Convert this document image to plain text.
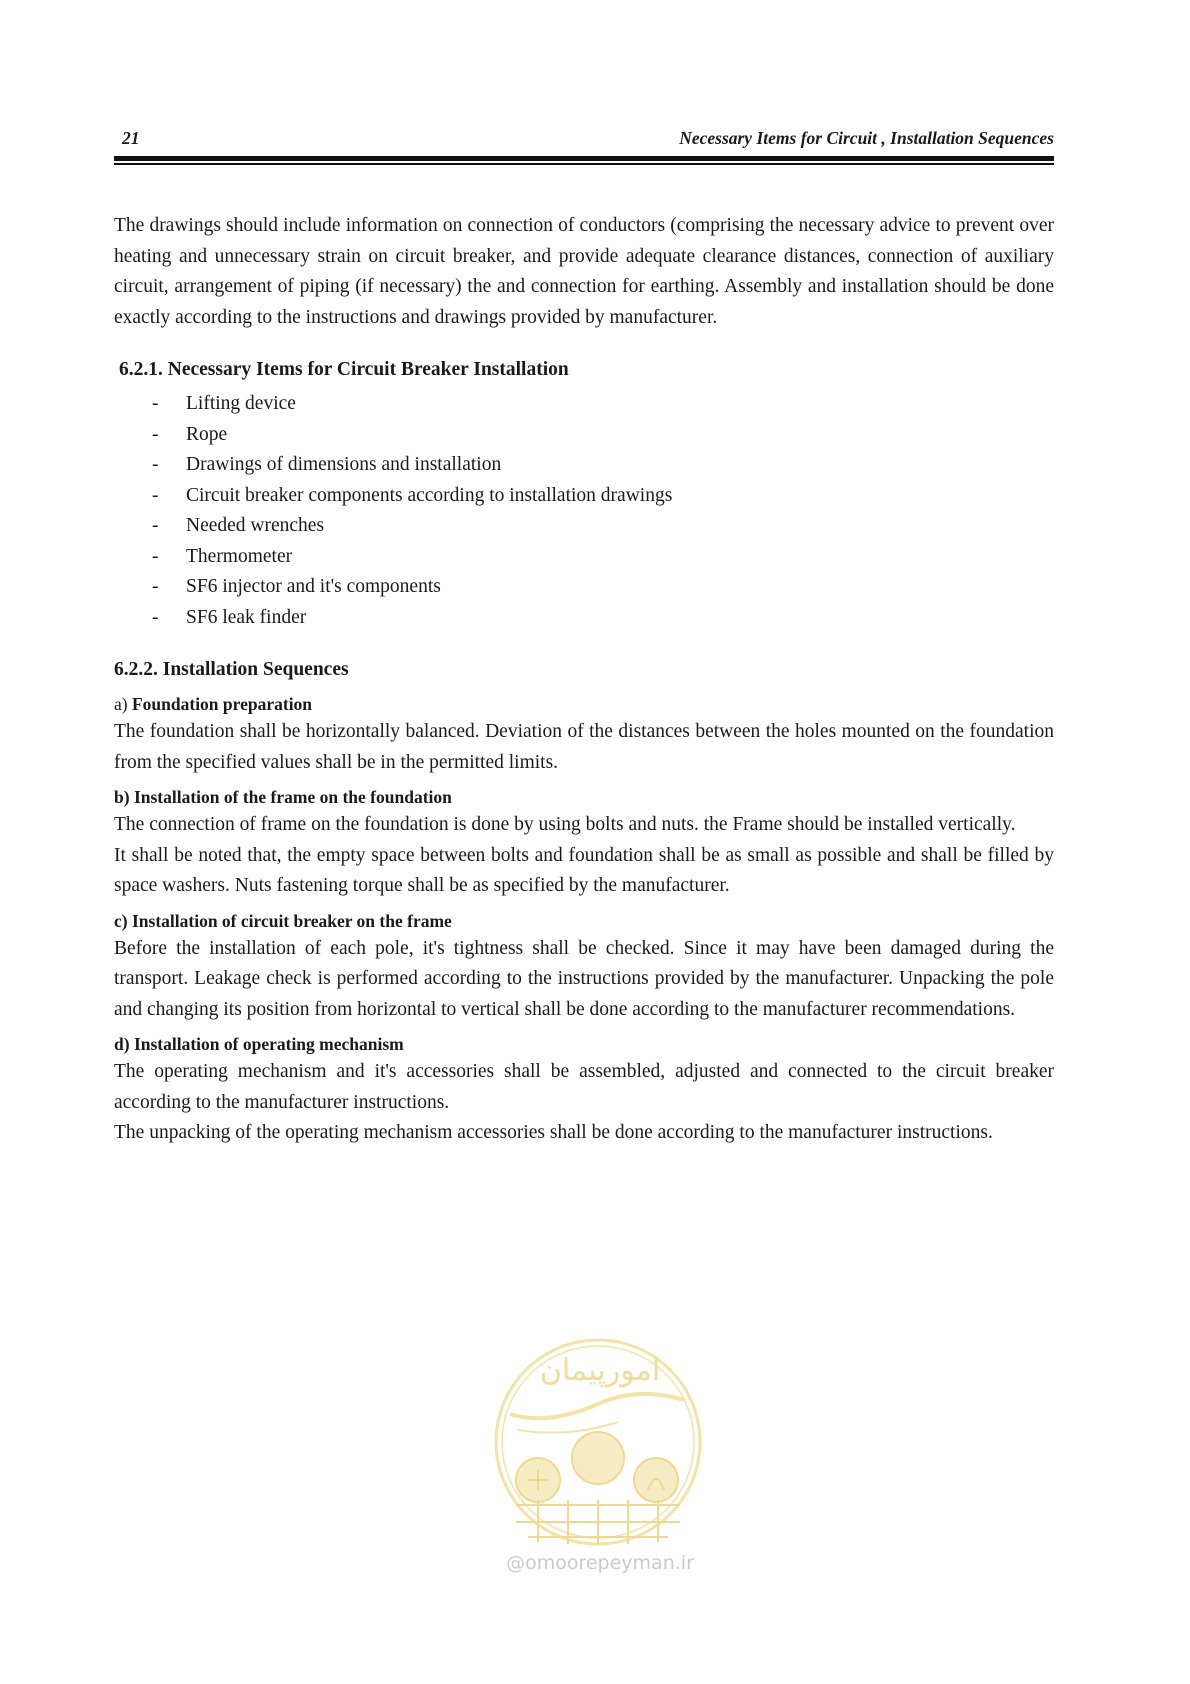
21	Necessary Items for Circuit , Installation Sequences

The drawings should include information on connection of conductors (comprising the necessary advice to prevent over heating and unnecessary strain on circuit breaker, and provide adequate clearance distances, connection of auxiliary circuit, arrangement of piping (if necessary) the and connection for earthing. Assembly and installation should be done exactly according to the instructions and drawings provided by manufacturer.

6.2.1. Necessary Items for Circuit Breaker Installation

- Lifting device
- Rope
- Drawings of dimensions and installation
- Circuit breaker components according to installation drawings
- Needed wrenches
- Thermometer
- SF6 injector and it's components
- SF6 leak finder

6.2.2. Installation Sequences

a) Foundation preparation

The foundation shall be horizontally balanced. Deviation of the distances between the holes mounted on the foundation from the specified values shall be in the permitted limits.

b) Installation of the frame on the foundation

The connection of frame on the foundation is done by using bolts and nuts. the Frame should be installed vertically.

It shall be noted that, the empty space between bolts and foundation shall be as small as possible and shall be filled by space washers. Nuts fastening torque shall be as specified by the manufacturer.

c) Installation of circuit breaker on the frame

Before the installation of each pole, it's tightness shall be checked. Since it may have been damaged during the transport. Leakage check is performed according to the instructions provided by the manufacturer. Unpacking the pole and changing its position from horizontal to vertical shall be done according to the manufacturer recommendations.

d) Installation of operating mechanism

The operating mechanism and it's accessories shall be assembled, adjusted and connected to the circuit breaker according to the manufacturer instructions.

The unpacking of the operating mechanism accessories shall be done according to the manufacturer instructions.

امورپیمان
@omoorepeyman.ir
